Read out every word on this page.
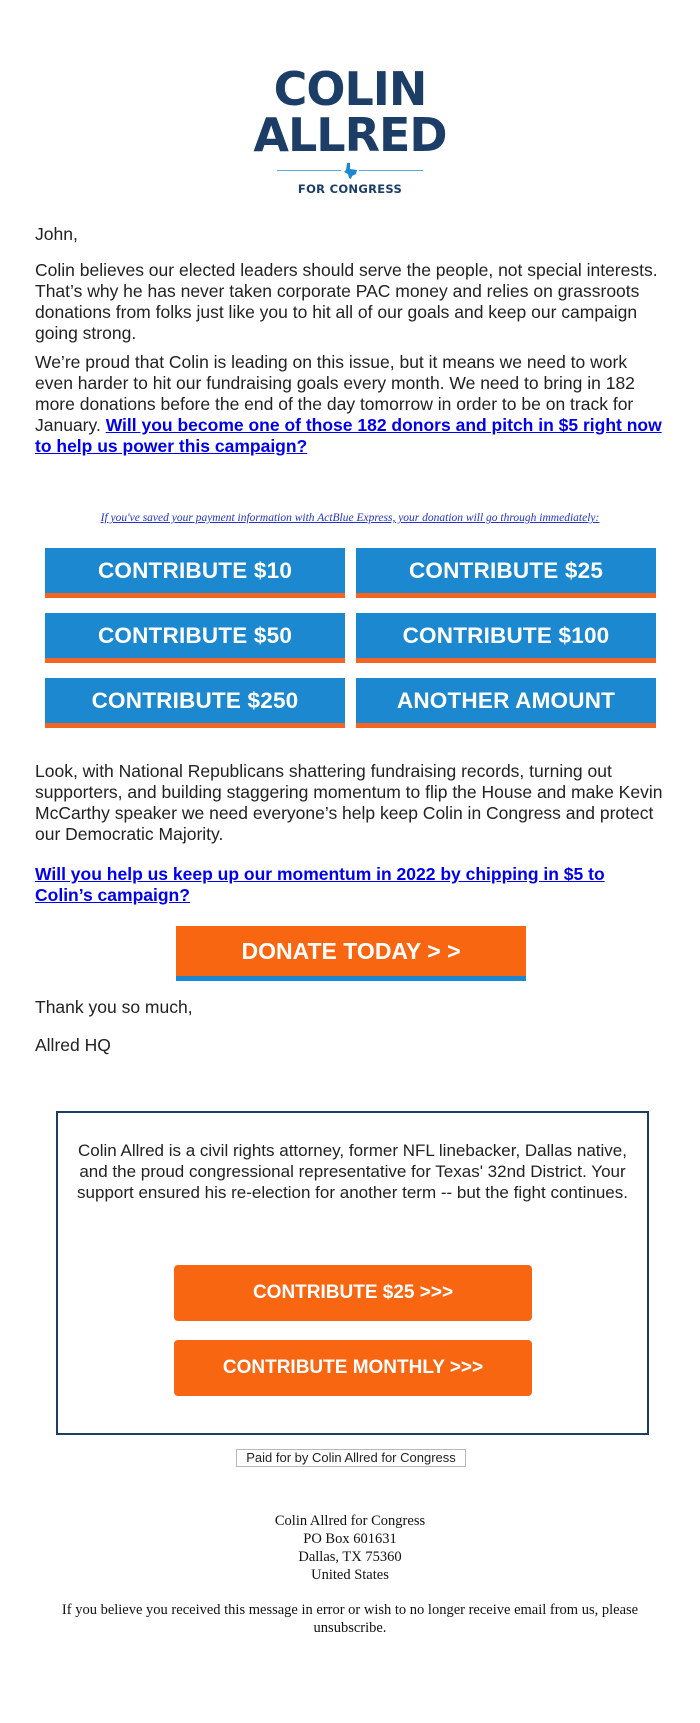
COLIN
ALLRED
FOR CONGRESS

John,

Colin believes our elected leaders should serve the people, not special interests. That’s why he has never taken corporate PAC money and relies on grassroots donations from folks just like you to hit all of our goals and keep our campaign going strong.

We’re proud that Colin is leading on this issue, but it means we need to work even harder to hit our fundraising goals every month. We need to bring in 182 more donations before the end of the day tomorrow in order to be on track for January. Will you become one of those 182 donors and pitch in $5 right now to help us power this campaign?

If you've saved your payment information with ActBlue Express, your donation will go through immediately:
CONTRIBUTE $10	CONTRIBUTE $25
CONTRIBUTE $50	CONTRIBUTE $100
CONTRIBUTE $250	ANOTHER AMOUNT

Look, with National Republicans shattering fundraising records, turning out supporters, and building staggering momentum to flip the House and make Kevin McCarthy speaker we need everyone’s help keep Colin in Congress and protect our Democratic Majority.

Will you help us keep up our momentum in 2022 by chipping in $5 to Colin’s campaign?

DONATE TODAY > >

Thank you so much,

Allred HQ

Colin Allred is a civil rights attorney, former NFL linebacker, Dallas native, and the proud congressional representative for Texas' 32nd District. Your support ensured his re-election for another term -- but the fight continues.
CONTRIBUTE $25 >>>
CONTRIBUTE MONTHLY >>>
Paid for by Colin Allred for Congress
Colin Allred for Congress
PO Box 601631
Dallas, TX 75360
United States
If you believe you received this message in error or wish to no longer receive email from us, please unsubscribe.
